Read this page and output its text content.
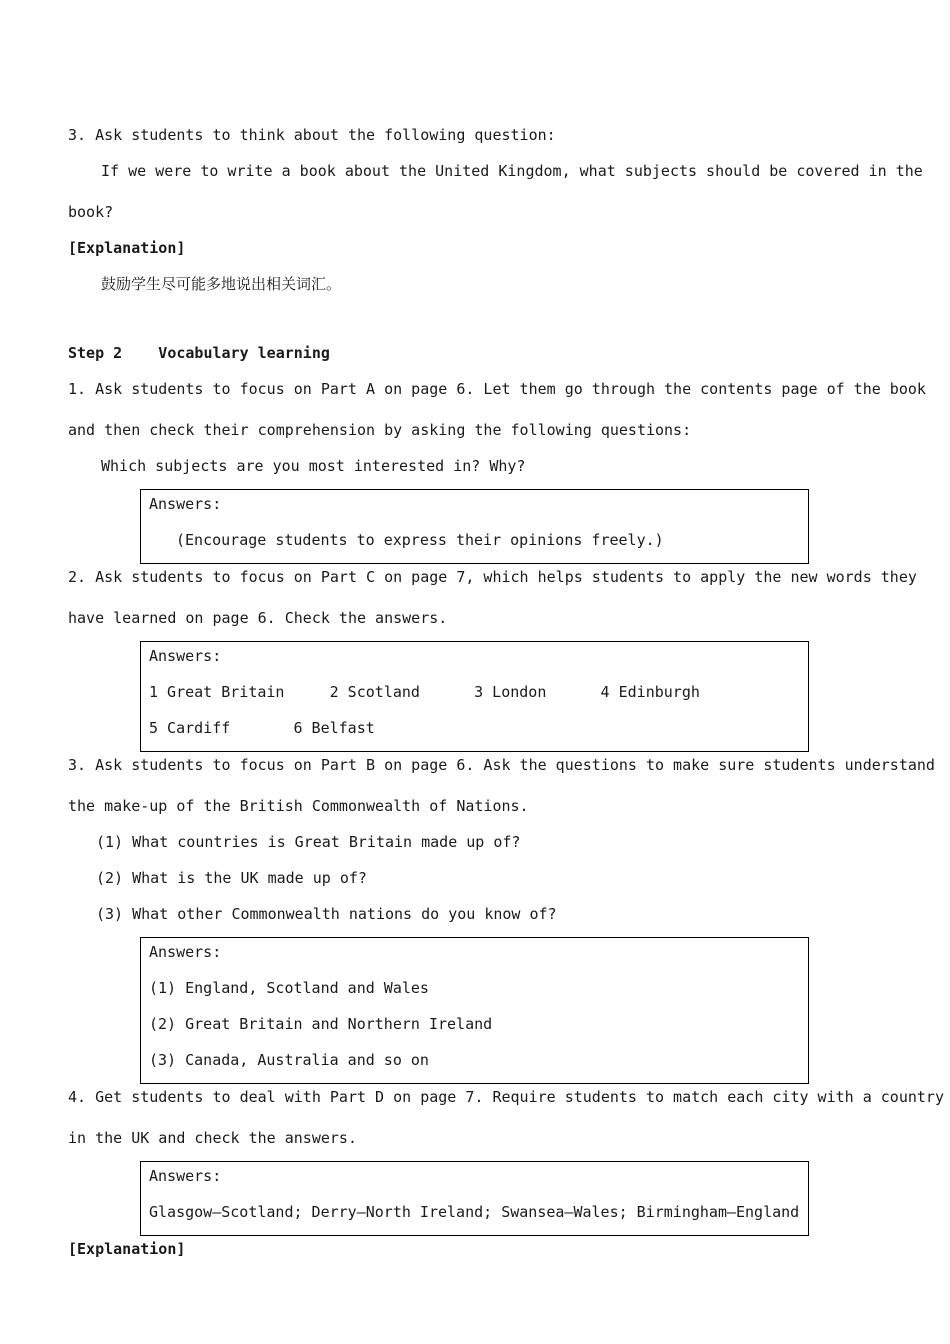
3. Ask students to think about the following question:
If we were to write a book about the United Kingdom, what subjects should be covered in the
book?
[Explanation]
鼓励学生尽可能多地说出相关词汇。
Step 2    Vocabulary learning
1. Ask students to focus on Part A on page 6. Let them go through the contents page of the book
and then check their comprehension by asking the following questions:
Which subjects are you most interested in? Why?
Answers:
(Encourage students to express their opinions freely.)
2. Ask students to focus on Part C on page 7, which helps students to apply the new words they
have learned on page 6. Check the answers.
Answers:
1 Great Britain     2 Scotland      3 London      4 Edinburgh
5 Cardiff       6 Belfast
3. Ask students to focus on Part B on page 6. Ask the questions to make sure students understand
the make-up of the British Commonwealth of Nations.
(1) What countries is Great Britain made up of?
(2) What is the UK made up of?
(3) What other Commonwealth nations do you know of?
Answers:
(1) England, Scotland and Wales
(2) Great Britain and Northern Ireland
(3) Canada, Australia and so on
4. Get students to deal with Part D on page 7. Require students to match each city with a country
in the UK and check the answers.
Answers:
Glasgow—Scotland; Derry—North Ireland; Swansea—Wales; Birmingham—England
[Explanation]
